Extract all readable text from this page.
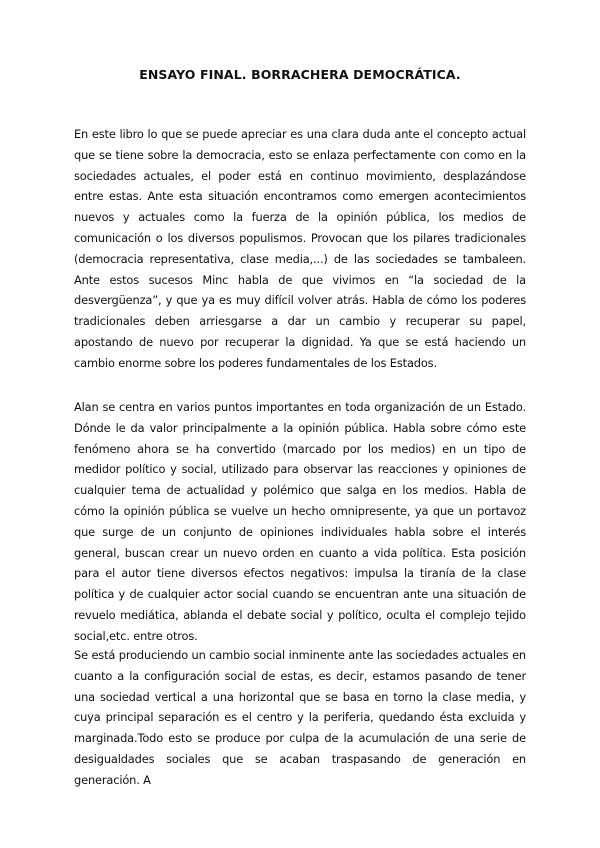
ENSAYO FINAL. BORRACHERA DEMOCRÁTICA.

En este libro lo que se puede apreciar es una clara duda ante el concepto actual que se tiene sobre la democracia, esto se enlaza perfectamente con como en la sociedades actuales, el poder está en continuo movimiento, desplazándose entre estas. Ante esta situación encontramos como emergen acontecimientos nuevos y actuales como la fuerza de la opinión pública, los medios de comunicación o los diversos populismos. Provocan que los pilares tradicionales (democracia representativa, clase media,...) de las sociedades se tambaleen. Ante estos sucesos Minc habla de que vivimos en “la sociedad de la desvergüenza”, y que ya es muy difícil volver atrás. Habla de cómo los poderes tradicionales deben arriesgarse a dar un cambio y recuperar su papel, apostando de nuevo por recuperar la dignidad. Ya que se está haciendo un cambio enorme sobre los poderes fundamentales de los Estados.

Alan se centra en varios puntos importantes en toda organización de un Estado. Dónde le da valor principalmente a la opinión pública. Habla sobre cómo este fenómeno ahora se ha convertido (marcado por los medios) en un tipo de medidor político y social, utilizado para observar las reacciones y opiniones de cualquier tema de actualidad y polémico que salga en los medios. Habla de cómo la opinión pública se vuelve un hecho omnipresente, ya que un portavoz que surge de un conjunto de opiniones individuales habla sobre el interés general, buscan crear un nuevo orden en cuanto a vida política. Esta posición para el autor tiene diversos efectos negativos: impulsa la tiranía de la clase política y de cualquier actor social cuando se encuentran ante una situación de revuelo mediática, ablanda el debate social y político, oculta el complejo tejido social,etc. entre otros.

Se está produciendo un cambio social inminente ante las sociedades actuales en cuanto a la configuración social de estas, es decir, estamos pasando de tener una sociedad vertical a una horizontal que se basa en torno la clase media, y cuya principal separación es el centro y la periferia, quedando ésta excluida y marginada.Todo esto se produce por culpa de la acumulación de una serie de desigualdades sociales que se acaban traspasando de generación en generación. A
